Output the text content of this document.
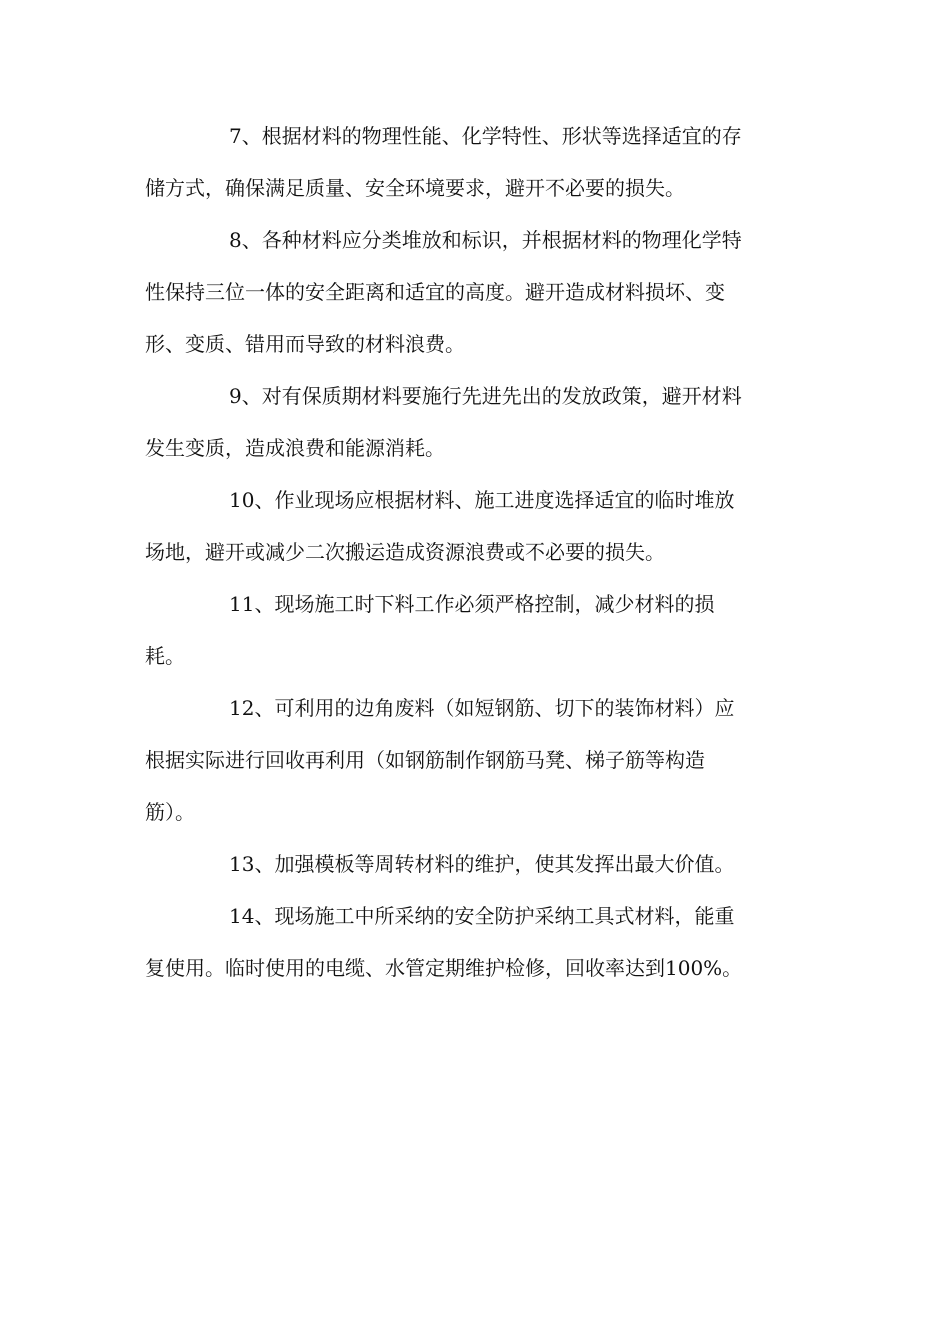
7、根据材料的物理性能、化学特性、形状等选择适宜的存
储方式，确保满足质量、安全环境要求，避开不必要的损失。

8、各种材料应分类堆放和标识，并根据材料的物理化学特
性保持三位一体的安全距离和适宜的高度。避开造成材料损坏、变
形、变质、错用而导致的材料浪费。

9、对有保质期材料要施行先进先出的发放政策，避开材料
发生变质，造成浪费和能源消耗。

10、作业现场应根据材料、施工进度选择适宜的临时堆放
场地，避开或减少二次搬运造成资源浪费或不必要的损失。

11、现场施工时下料工作必须严格控制，减少材料的损
耗。

12、可利用的边角废料（如短钢筋、切下的装饰材料）应
根据实际进行回收再利用（如钢筋制作钢筋马凳、梯子筋等构造
筋）。

13、加强模板等周转材料的维护，使其发挥出最大价值。

14、现场施工中所采纳的安全防护采纳工具式材料，能重
复使用。临时使用的电缆、水管定期维护检修，回收率达到100%。
